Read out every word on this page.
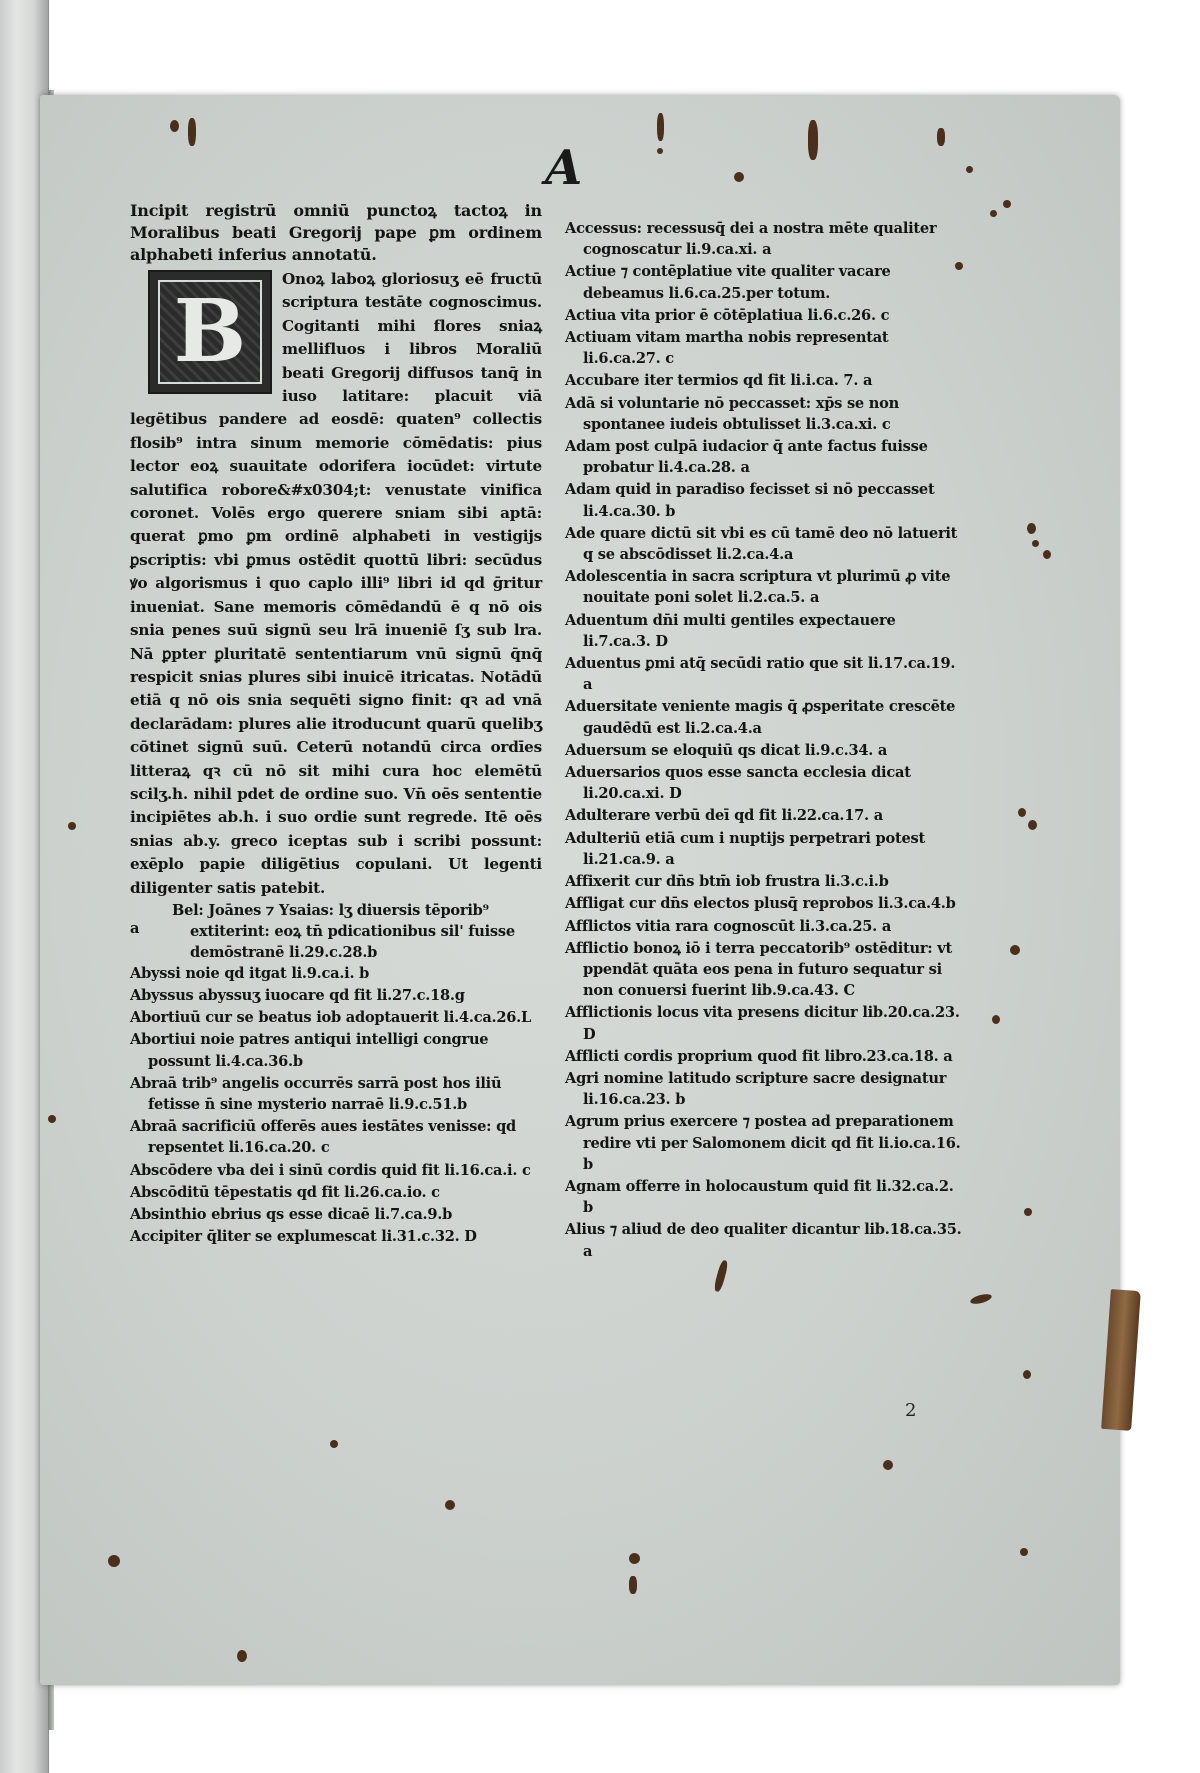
A

Incipit registrū omniū punctoꝝ tactoꝝ in Moralibus beati Gregorij pape ꝑm ordinem alphabeti inferius annotatū.

B

Onoꝝ laboꝝ gloriosuʒ eē fructū scriptura testāte cognoscimus. Cogitanti mihi flores sniaꝝ mellifluos i libros Moraliū beati Gregorij diffusos tanq̄ in iuso latitare: placuit viā legētibus pandere ad eosdē: quaten⁹ collectis flosib⁹ intra sinum memorie cōmēdatis: pius lector eoꝝ suauitate odorifera iocūdet: virtute salutifica robore&#x0304;t: venustate vinifica coronet. Volēs ergo querere sniam sibi aptā: querat ꝑmo ꝑm ordinē alphabeti in vestigijs ꝑscriptis: vbi ꝑmus ostēdit quottū libri: secūdus ꝟo algorismus i quo caplo illi⁹ libri id qd ḡritur inueniat. Sane memoris cōmēdandū ē q nō ois snia penes suū signū seu lrā inueniē ſʒ sub lra. Nā ꝑpter ꝑluritatē sententiarum vnū signū q̄nq̄ respicit snias plures sibi inuicē itricatas. Notādū etiā q nō ois snia sequēti signo finit: qꝛ ad vnā declarādam: plures alie itroducunt quarū quelibʒ cōtinet signū suū. Ceterū notandū circa ordīes litteraꝝ qꝛ cū nō sit mihi cura hoc elemētū scilʒ.h. nihil pdet de ordine suo. Vn̄ oēs sententie incipiētes ab.h. i suo ordie sunt regrede. Itē oēs snias ab.y. greco iceptas sub i scribi possunt: exēplo papie diligētius copulani. Ut legenti diligenter satis patebit.

Bel: Joānes ⁊ Ysaias: lʒ diuersis tēporib⁹ extiterint: eoꝝ tn̄ pdicationibus sil' fuisse demōstranē li.29.c.28.b

a

Abyssi noie qd itgat li.9.ca.i. b

Abyssus abyssuʒ iuocare qd fit li.27.c.18.g

Abortiuū cur se beatus iob adoptauerit li.4.ca.26.L

Abortiui noie patres antiqui intelligi congrue possunt li.4.ca.36.b

Abraā trib⁹ angelis occurrēs sarrā post hos iliū fetisse n̄ sine mysterio narraē li.9.c.51.b

Abraā sacrificiū offerēs aues iestātes venisse: qd repsentet li.16.ca.20. c

Abscōdere vba dei i sinū cordis quid fit li.16.ca.i. c

Abscōditū tēpestatis qd fit li.26.ca.io. c

Absinthio ebrius qs esse dicaē li.7.ca.9.b

Accipiter q̄liter se explumescat li.31.c.32. D

Accessus: recessusq̄ dei a nostra mēte qualiter cognoscatur li.9.ca.xi. a

Actiue ⁊ contēplatiue vite qualiter vacare debeamus li.6.ca.25.per totum.

Actiua vita prior ē cōtēplatiua li.6.c.26. c

Actiuam vitam martha nobis representat li.6.ca.27. c

Accubare iter termios qd fit li.i.ca. 7. a

Adā si voluntarie nō peccasset: xp̄s se non spontanee iudeis obtulisset li.3.ca.xi. c

Adam post culpā iudacior q̄ ante factus fuisse probatur li.4.ca.28. a

Adam quid in paradiso fecisset si nō peccasset li.4.ca.30. b

Ade quare dictū sit vbi es cū tamē deo nō latuerit q se abscōdisset li.2.ca.4.a

Adolescentia in sacra scriptura vt plurimū ꝓ vite nouitate poni solet li.2.ca.5. a

Aduentum dn̄i multi gentiles expectauere li.7.ca.3. D

Aduentus ꝑmi atq̄ secūdi ratio que sit li.17.ca.19. a

Aduersitate veniente magis q̄ ꝓsperitate crescēte gaudēdū est li.2.ca.4.a

Aduersum se eloquiū qs dicat li.9.c.34. a

Aduersarios quos esse sancta ecclesia dicat li.20.ca.xi. D

Adulterare verbū deī qd fit li.22.ca.17. a

Adulteriū etiā cum i nuptijs perpetrari potest li.21.ca.9. a

Affixerit cur dn̄s btm̄ iob frustra li.3.c.i.b

Affligat cur dn̄s electos plusq̄ reprobos li.3.ca.4.b

Afflictos vitia rara cognoscūt li.3.ca.25. a

Afflictio bonoꝝ iō i terra peccatorib⁹ ostēditur: vt ppendāt quāta eos pena in futuro sequatur si non conuersi fuerint lib.9.ca.43. C

Afflictionis locus vita presens dicitur lib.20.ca.23. D

Afflicti cordis proprium quod fit libro.23.ca.18. a

Agri nomine latitudo scripture sacre designatur li.16.ca.23. b

Agrum prius exercere ⁊ postea ad preparationem redire vti per Salomonem dicit qd fit li.io.ca.16. b

Agnam offerre in holocaustum quid fit li.32.ca.2. b

Alius ⁊ aliud de deo qualiter dicantur lib.18.ca.35. a

2
